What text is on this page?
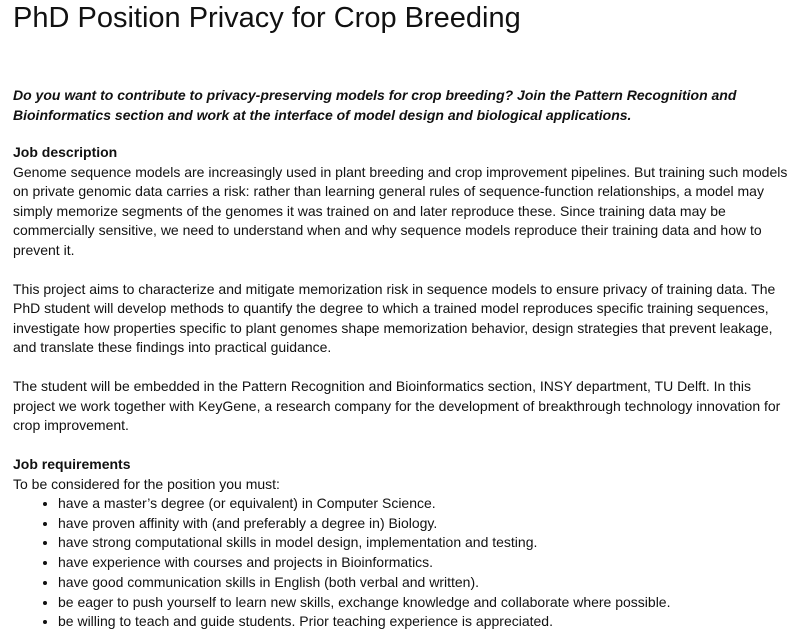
PhD Position Privacy for Crop Breeding
Do you want to contribute to privacy-preserving models for crop breeding? Join the Pattern Recognition and Bioinformatics section and work at the interface of model design and biological applications.
Job description

Genome sequence models are increasingly used in plant breeding and crop improvement pipelines. But training such models on private genomic data carries a risk: rather than learning general rules of sequence-function relationships, a model may simply memorize segments of the genomes it was trained on and later reproduce these. Since training data may be commercially sensitive, we need to understand when and why sequence models reproduce their training data and how to prevent it.

This project aims to characterize and mitigate memorization risk in sequence models to ensure privacy of training data. The PhD student will develop methods to quantify the degree to which a trained model reproduces specific training sequences, investigate how properties specific to plant genomes shape memorization behavior, design strategies that prevent leakage, and translate these findings into practical guidance.

The student will be embedded in the Pattern Recognition and Bioinformatics section, INSY department, TU Delft. In this project we work together with KeyGene, a research company for the development of breakthrough technology innovation for crop improvement.

Job requirements

To be considered for the position you must:

• have a master’s degree (or equivalent) in Computer Science.
• have proven affinity with (and preferably a degree in) Biology.
• have strong computational skills in model design, implementation and testing.
• have experience with courses and projects in Bioinformatics.
• have good communication skills in English (both verbal and written).
• be eager to push yourself to learn new skills, exchange knowledge and collaborate where possible.
• be willing to teach and guide students. Prior teaching experience is appreciated.
